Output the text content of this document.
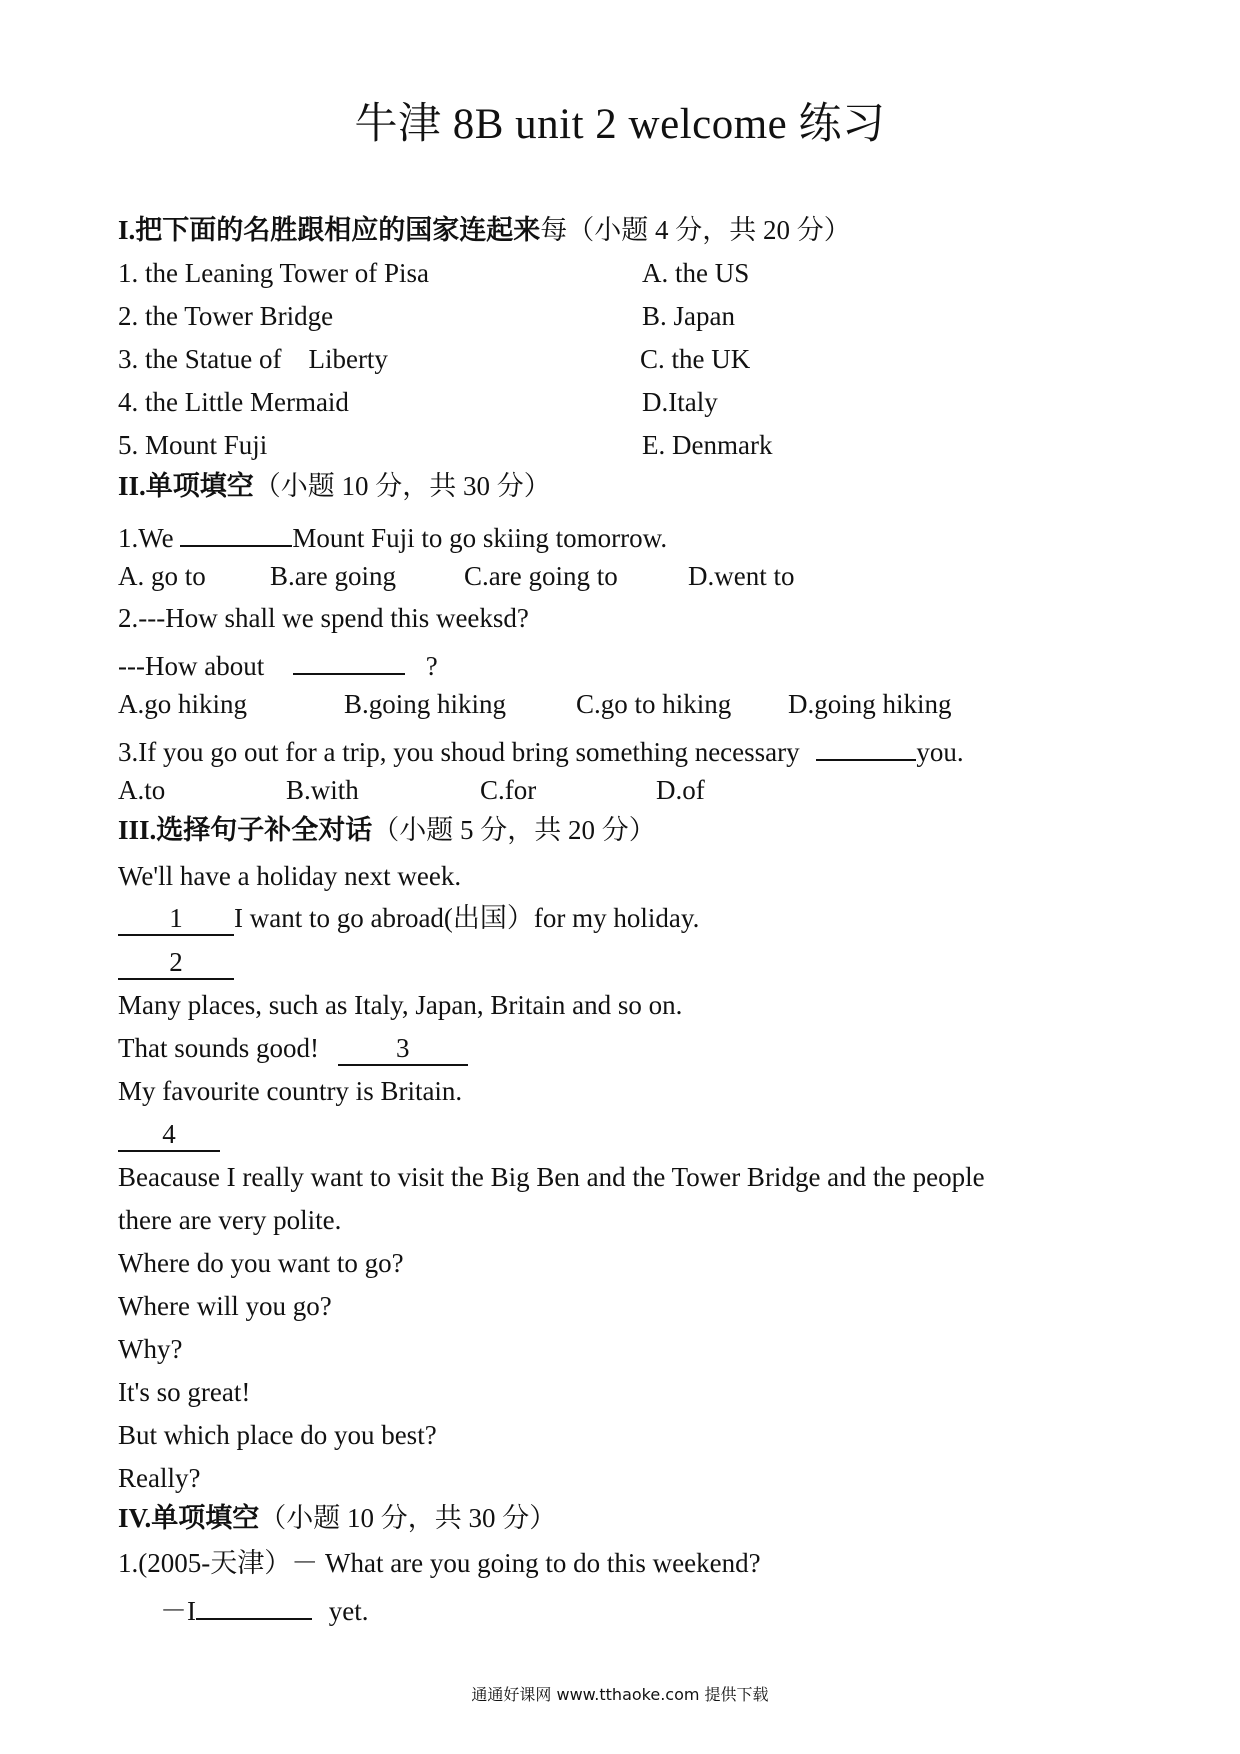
牛津 8B unit 2 welcome 练习
I.把下面的名胜跟相应的国家连起来每（小题 4 分，共 20 分）
1. the Leaning Tower of Pisa	A. the US
2. the Tower Bridge	B. Japan
3. the Statue of    Liberty	C. the UK
4. the Little Mermaid	D.Italy
5. Mount Fuji	E. Denmark
II.单项填空（小题 10 分，共 30 分）
1.We	Mount Fuji to go skiing tomorrow.
A. go to B.are going	C.are going to	D.went to
2.---How shall we spend this weeksd?
---How about	?
A.go hiking	B.going hiking	C.go to hiking D.going hiking
3.If you go out for a trip, you shoud bring something necessary	you.
A.to	B.with	C.for	D.of
III.选择句子补全对话（小题 5 分，共 20 分）
We'll have a holiday next week.
1 I want to go abroad(出国）for my holiday.
2
Many places, such as Italy, Japan, Britain and so on.
That sounds good!	3
My favourite country is Britain.
4
Beacause I really want to visit the Big Ben and the Tower Bridge and the people
there are very polite.
Where do you want to go?
Where will you go?
Why?
It's so great!
But which place do you best?
Really?
IV.单项填空（小题 10 分，共 30 分）
1.(2005-天津）－ What are you going to do this weekend?
－I	yet.
通通好课网 www.tthaoke.com 提供下载
